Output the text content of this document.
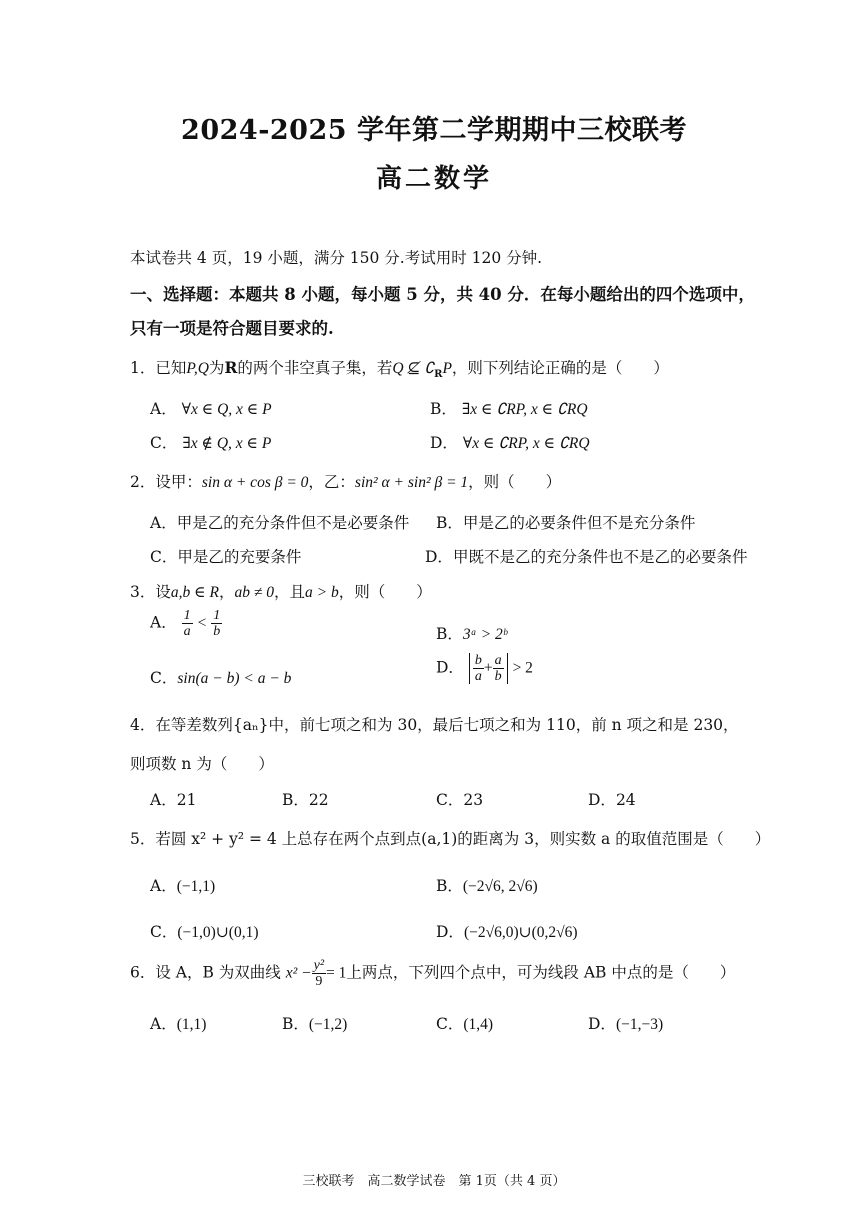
2024-2025 学年第二学期期中三校联考
高二数学
本试卷共 4 页，19 小题，满分 150 分.考试用时 120 分钟.
一、选择题：本题共 8 小题，每小题 5 分，共 40 分．在每小题给出的四个选项中，
只有一项是符合题目要求的.
1．已知P,Q为R的两个非空真子集，若Q ⊈ $∁_RP$，则下列结论正确的是（　　）
A． ∀x ∈ Q, x ∈ P	B． ∃x ∈ ∁RP, x ∈ ∁RQ
C． ∃x ∉ Q, x ∈ P	D． ∀x ∈ ∁RP, x ∈ ∁RQ
2．设甲：sin α + cos β = 0，乙：sin² α + sin² β = 1，则（　　）
A．甲是乙的充分条件但不是必要条件 B．甲是乙的必要条件但不是充分条件
C．甲是乙的充要条件	D．甲既不是乙的充分条件也不是乙的必要条件
3．设a,b ∈ R，ab ≠ 0，且a > b，则（　　）
A． $\frac{1}{a} < \frac{1}{b}$	B．3ᵃ > 2ᵇ
C．sin(a − b) < a − b
D． $\frac{b}{a} + \frac{a}{b} > 2$
4．在等差数列{aₙ}中，前七项之和为 30，最后七项之和为 110，前 n 项之和是 230，
则项数 n 为（　　）
A．21	B．22	C．23	D．24
5．若圆 x² + y² = 4 上总存在两个点到点(a,1)的距离为 3，则实数 a 的取值范围是（　　）
A．(−1,1)	B．(−2√6, 2√6)
C．(−1,0)∪(0,1)	D．(−2√6,0)∪(0,2√6)
6．设 A，B 为双曲线 $x^2 - \frac{\text{y²}}{9} = 1$上两点，下列四个点中，可为线段 AB 中点的是（　　）
A．(1,1)	B．(−1,2)	C．(1,4)	D．(−1,−3)
三校联考　高二数学试卷　第 1页（共 4 页）
